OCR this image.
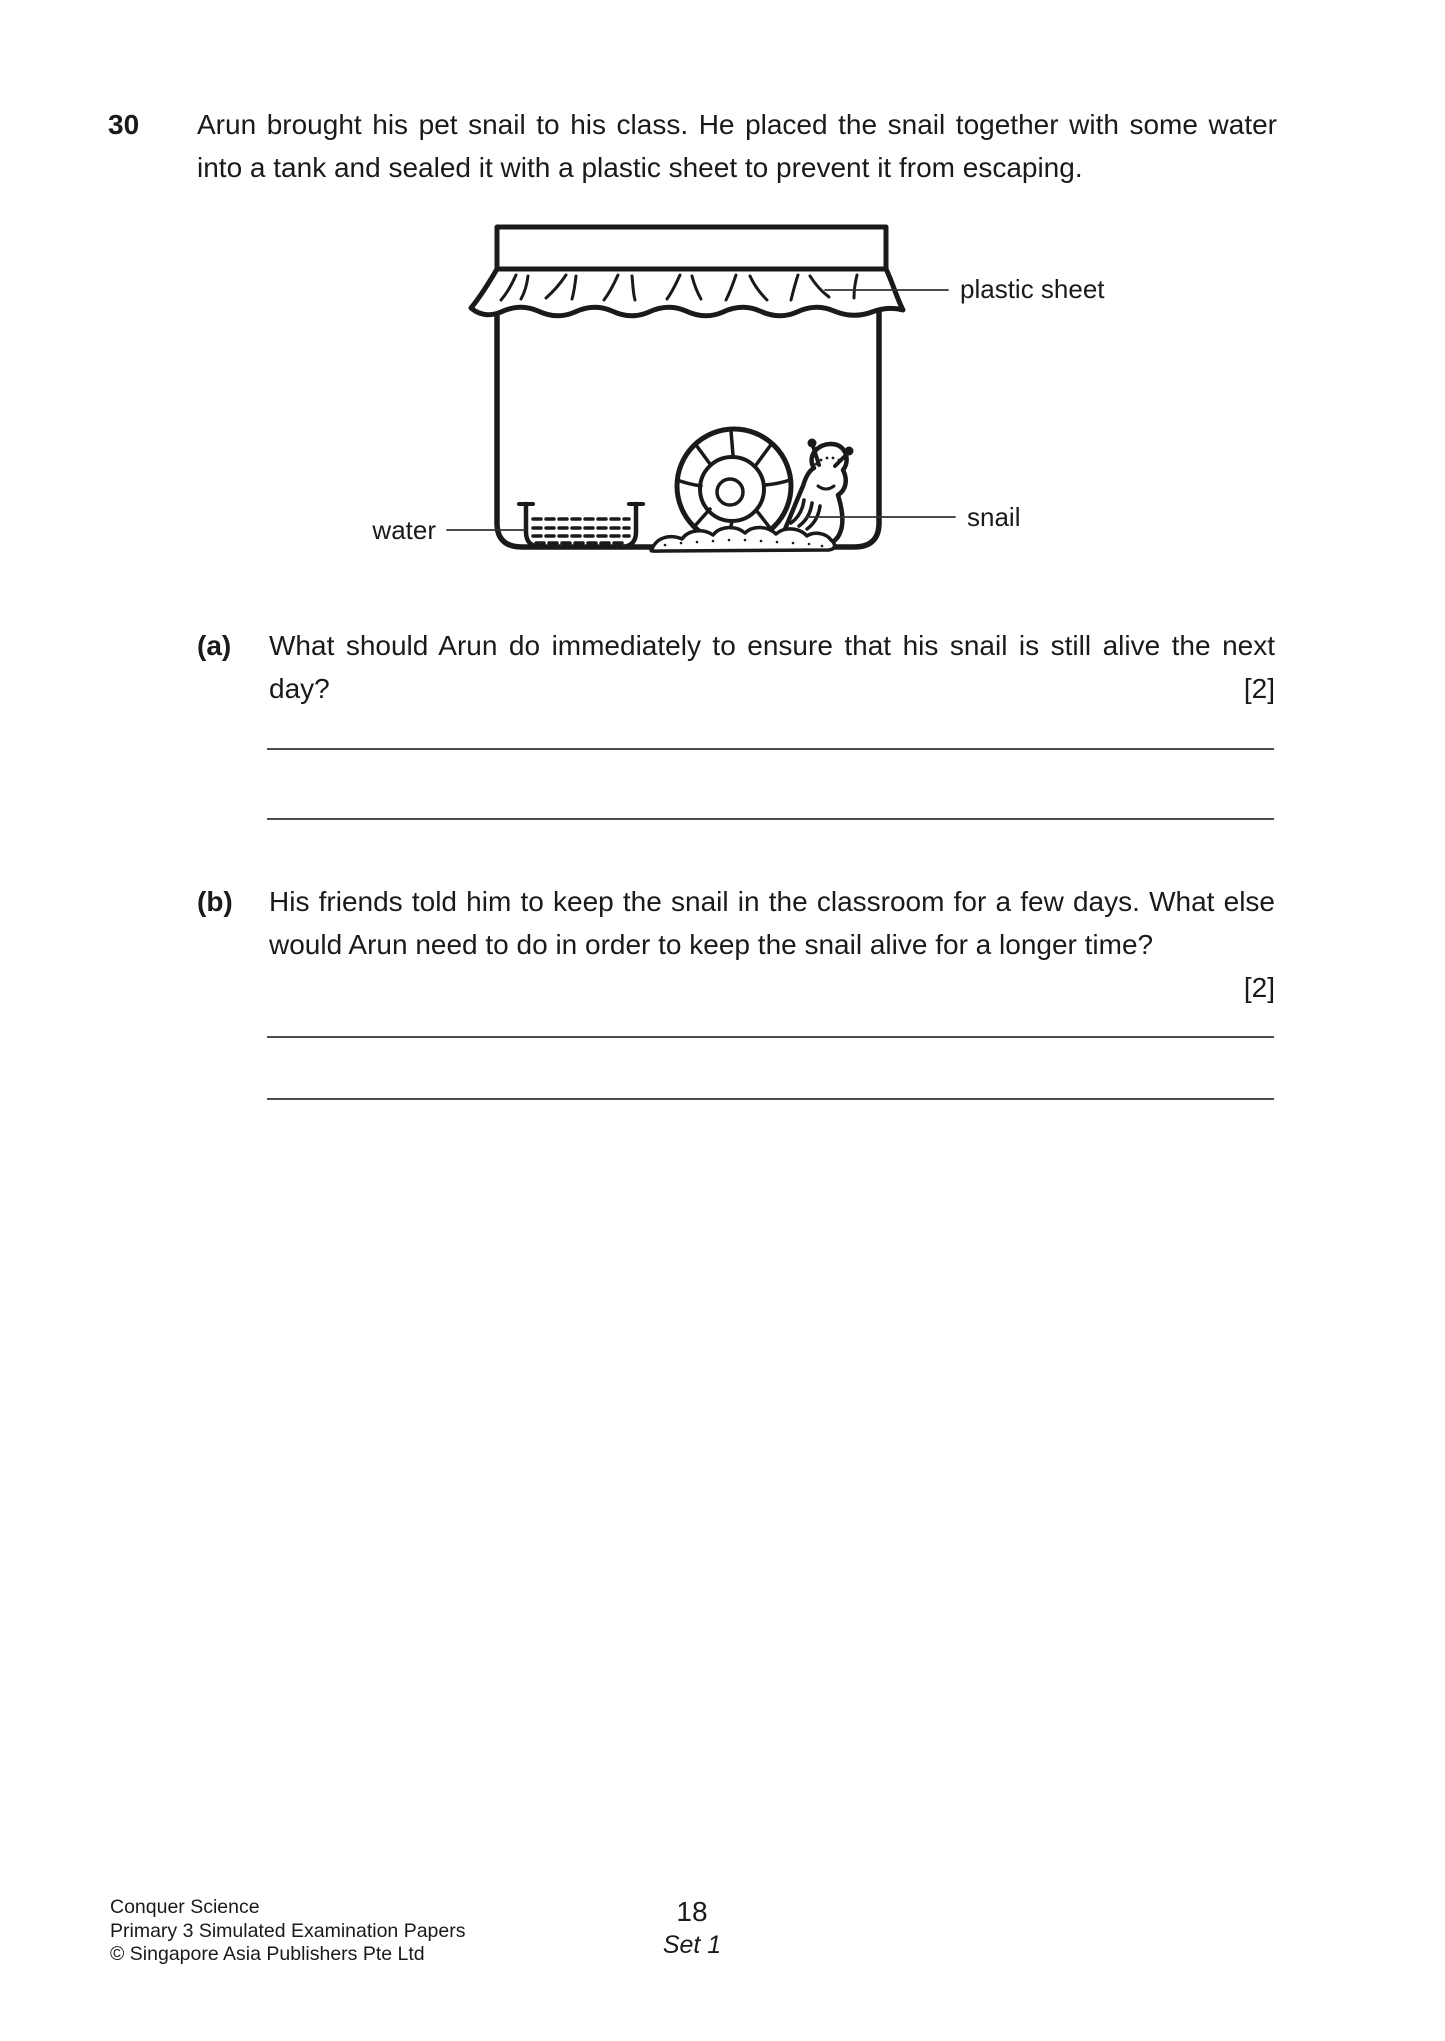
30 Arun brought his pet snail to his class. He placed the snail together with some water into a tank and sealed it with a plastic sheet to prevent it from escaping.
plastic sheet
snail
water
(a) What should Arun do immediately to ensure that his snail is still alive the next day?	[2]
(b) His friends told him to keep the snail in the classroom for a few days. What else would Arun need to do in order to keep the snail alive for a longer time?
[2]
Conquer Science
Primary 3 Simulated Examination Papers
© Singapore Asia Publishers Pte Ltd
18
Set 1
